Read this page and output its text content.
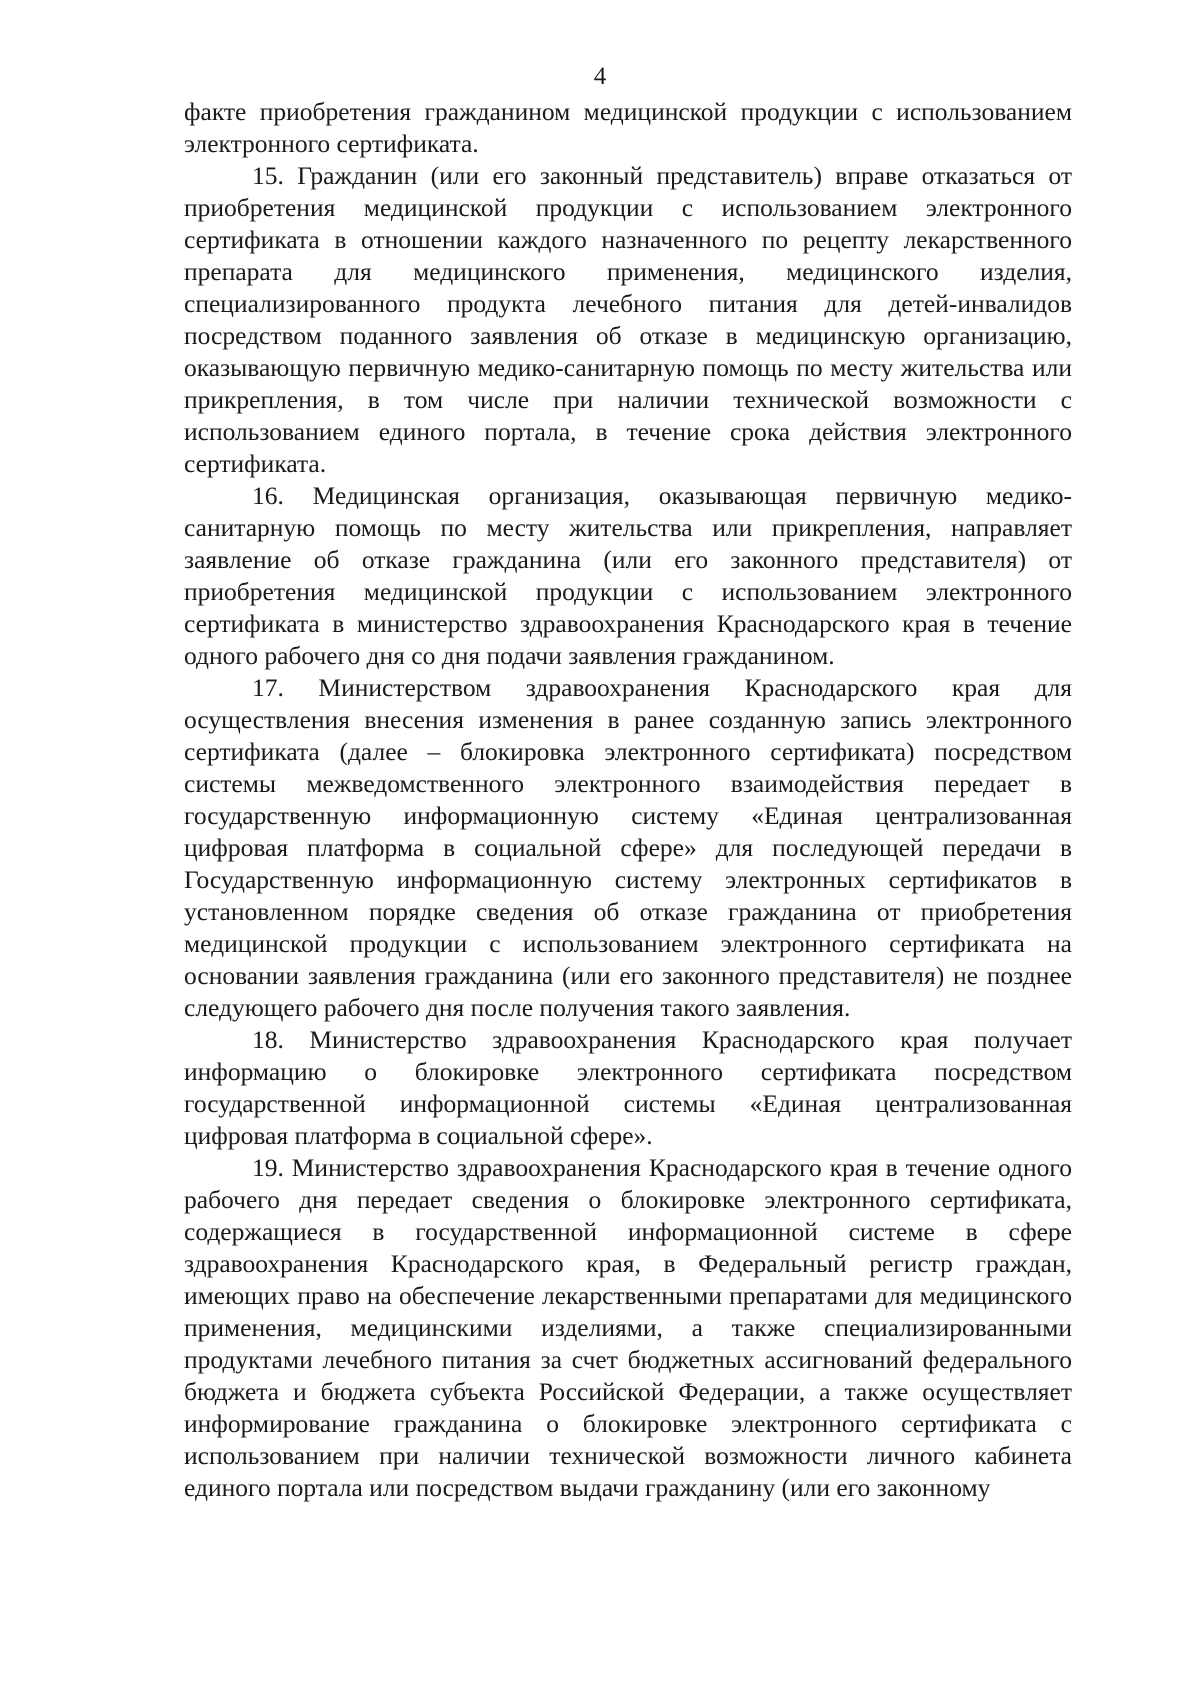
4

факте приобретения гражданином медицинской продукции с использованием электронного сертификата.

15. Гражданин (или его законный представитель) вправе отказаться от приобретения медицинской продукции с использованием электронного сертификата в отношении каждого назначенного по рецепту лекарственного препарата для медицинского применения, медицинского изделия, специализированного продукта лечебного питания для детей-инвалидов посредством поданного заявления об отказе в медицинскую организацию, оказывающую первичную медико-санитарную помощь по месту жительства или прикрепления, в том числе при наличии технической возможности с использованием единого портала, в течение срока действия электронного сертификата.

16. Медицинская организация, оказывающая первичную медико-санитарную помощь по месту жительства или прикрепления, направляет заявление об отказе гражданина (или его законного представителя) от приобретения медицинской продукции с использованием электронного сертификата в министерство здравоохранения Краснодарского края в течение одного рабочего дня со дня подачи заявления гражданином.

17. Министерством здравоохранения Краснодарского края для осуществления внесения изменения в ранее созданную запись электронного сертификата (далее – блокировка электронного сертификата) посредством системы межведомственного электронного взаимодействия передает в государственную информационную систему «Единая централизованная цифровая платформа в социальной сфере» для последующей передачи в Государственную информационную систему электронных сертификатов в установленном порядке сведения об отказе гражданина от приобретения медицинской продукции с использованием электронного сертификата на основании заявления гражданина (или его законного представителя) не позднее следующего рабочего дня после получения такого заявления.

18. Министерство здравоохранения Краснодарского края получает информацию о блокировке электронного сертификата посредством государственной информационной системы «Единая централизованная цифровая платформа в социальной сфере».

19. Министерство здравоохранения Краснодарского края в течение одного рабочего дня передает сведения о блокировке электронного сертификата, содержащиеся в государственной информационной системе в сфере здравоохранения Краснодарского края, в Федеральный регистр граждан, имеющих право на обеспечение лекарственными препаратами для медицинского применения, медицинскими изделиями, а также специализированными продуктами лечебного питания за счет бюджетных ассигнований федерального бюджета и бюджета субъекта Российской Федерации, а также осуществляет информирование гражданина о блокировке электронного сертификата с использованием при наличии технической возможности личного кабинета единого портала или посредством выдачи гражданину (или его законному
